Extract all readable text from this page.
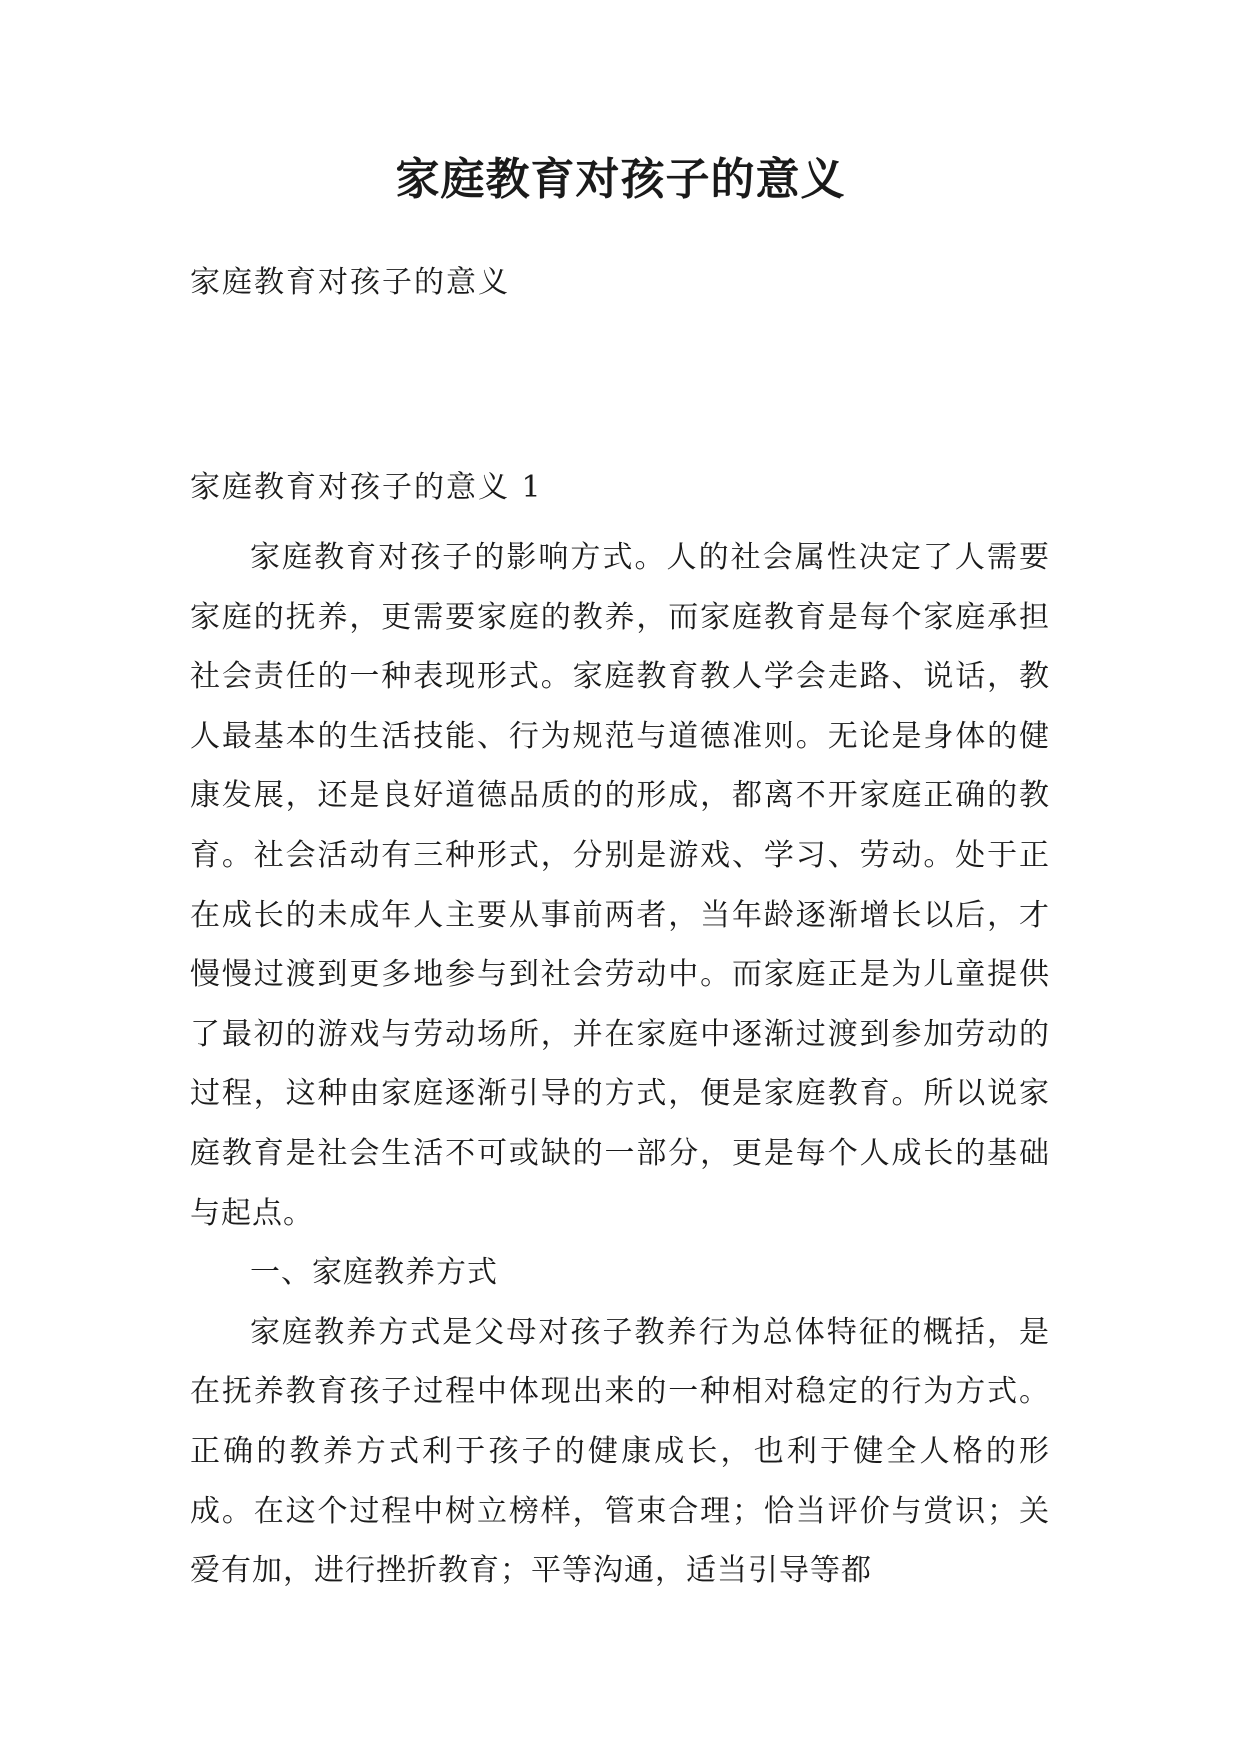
家庭教育对孩子的意义

家庭教育对孩子的意义

家庭教育对孩子的意义 1

家庭教育对孩子的影响方式。人的社会属性决定了人需要家庭的抚养，更需要家庭的教养，而家庭教育是每个家庭承担社会责任的一种表现形式。家庭教育教人学会走路、说话，教人最基本的生活技能、行为规范与道德准则。无论是身体的健康发展，还是良好道德品质的的形成，都离不开家庭正确的教育。社会活动有三种形式，分别是游戏、学习、劳动。处于正在成长的未成年人主要从事前两者，当年龄逐渐增长以后，才慢慢过渡到更多地参与到社会劳动中。而家庭正是为儿童提供了最初的游戏与劳动场所，并在家庭中逐渐过渡到参加劳动的过程，这种由家庭逐渐引导的方式，便是家庭教育。所以说家庭教育是社会生活不可或缺的一部分，更是每个人成长的基础与起点。

一、家庭教养方式

家庭教养方式是父母对孩子教养行为总体特征的概括，是在抚养教育孩子过程中体现出来的一种相对稳定的行为方式。正确的教养方式利于孩子的健康成长，也利于健全人格的形成。在这个过程中树立榜样，管束合理；恰当评价与赏识；关爱有加，进行挫折教育；平等沟通，适当引导等都
